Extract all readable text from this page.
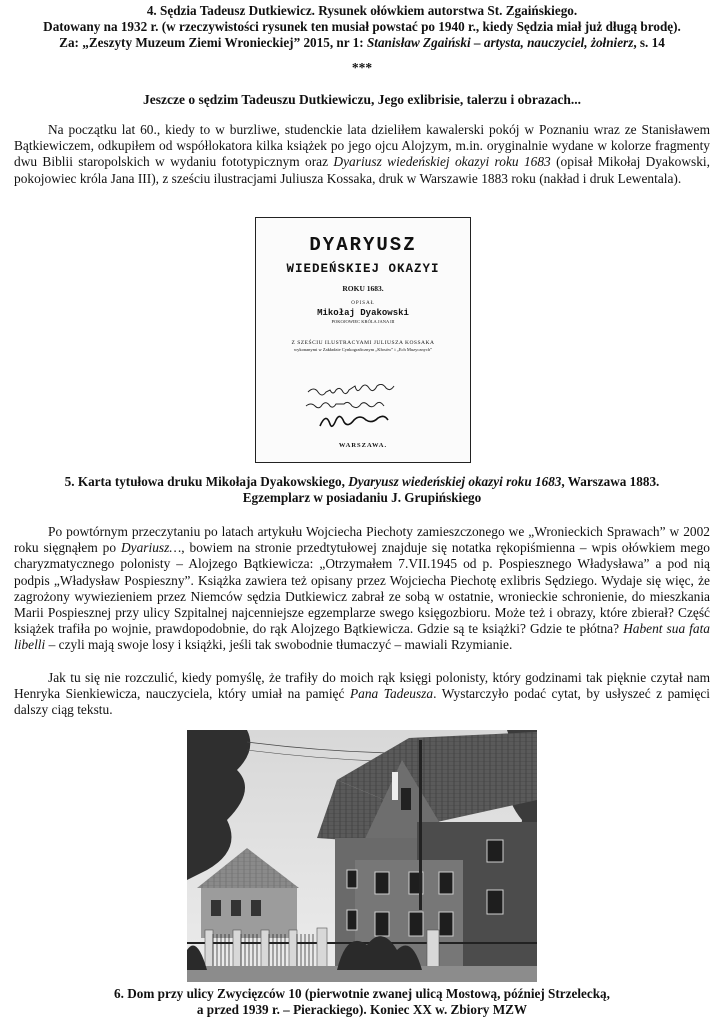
4. Sędzia Tadeusz Dutkiewicz. Rysunek ołówkiem autorstwa St. Zgaińskiego.
Datowany na 1932 r. (w rzeczywistości rysunek ten musiał powstać po 1940 r., kiedy Sędzia miał już długą brodę).
Za: „Zeszyty Muzeum Ziemi Wronieckiej” 2015, nr 1: Stanisław Zgaiński – artysta, nauczyciel, żołnierz, s. 14
***
Jeszcze o sędzim Tadeuszu Dutkiewiczu, Jego exlibrisie, talerzu i obrazach...

Na początku lat 60., kiedy to w burzliwe, studenckie lata dzieliłem kawalerski pokój w Poznaniu wraz ze Stanisławem Bątkiewiczem, odkupiłem od współlokatora kilka książek po jego ojcu Alojzym, m.in. oryginalnie wydane w kolorze fragmenty dwu Biblii staropolskich w wydaniu fototypicznym oraz Dyariusz wiedeńskiej okazyi roku 1683 (opisał Mikołaj Dyakowski, pokojowiec króla Jana III), z sześciu ilustracjami Juliusza Kossaka, druk w Warszawie 1883 roku (nakład i druk Lewentala).

DYARYUSZ
WIEDEŃSKIEJ OKAZYI
ROKU 1683.
OPISAŁ
Mikołaj Dyakowski
POKOJOWIEC KRÓLA JANA III
Z SZEŚCIU ILUSTRACYAMI JULIUSZA KOSSAKA
wykonanymi w Zakładzie Cynkograficznym „Kłosów” i „Ech Muzycznych”
WARSZAWA.
5. Karta tytułowa druku Mikołaja Dyakowskiego, Dyaryusz wiedeńskiej okazyi roku 1683, Warszawa 1883.
Egzemplarz w posiadaniu J. Grupińskiego

Po powtórnym przeczytaniu po latach artykułu Wojciecha Piechoty zamieszczonego we „Wronieckich Sprawach” w 2002 roku sięgnąłem po Dyariusz…, bowiem na stronie przedtytułowej znajduje się notatka rękopiśmienna – wpis ołówkiem mego charyzmatycznego polonisty – Alojzego Bątkiewicza: „Otrzymałem 7.VII.1945 od p. Pospiesznego Władysława” a pod nią podpis „Władysław Pospieszny”. Książka zawiera też opisany przez Wojciecha Piechotę exlibris Sędziego. Wydaje się więc, że zagrożony wywiezieniem przez Niemców sędzia Dutkiewicz zabrał ze sobą w ostatnie, wronieckie schronienie, do mieszkania Marii Pospiesznej przy ulicy Szpitalnej najcenniejsze egzemplarze swego księgozbioru. Może też i obrazy, które zbierał? Część książek trafiła po wojnie, prawdopodobnie, do rąk Alojzego Bątkiewicza. Gdzie są te książki? Gdzie te płótna? Habent sua fata libelli – czyli mają swoje losy i książki, jeśli tak swobodnie tłumaczyć – mawiali Rzymianie.

Jak tu się nie rozczulić, kiedy pomyślę, że trafiły do moich rąk księgi polonisty, który godzinami tak pięknie czytał nam Henryka Sienkiewicza, nauczyciela, który umiał na pamięć Pana Tadeusza. Wystarczyło podać cytat, by usłyszeć z pamięci dalszy ciąg tekstu.

6. Dom przy ulicy Zwycięzców 10 (pierwotnie zwanej ulicą Mostową, później Strzelecką,
a przed 1939 r. – Pierackiego). Koniec XX w. Zbiory MZW
